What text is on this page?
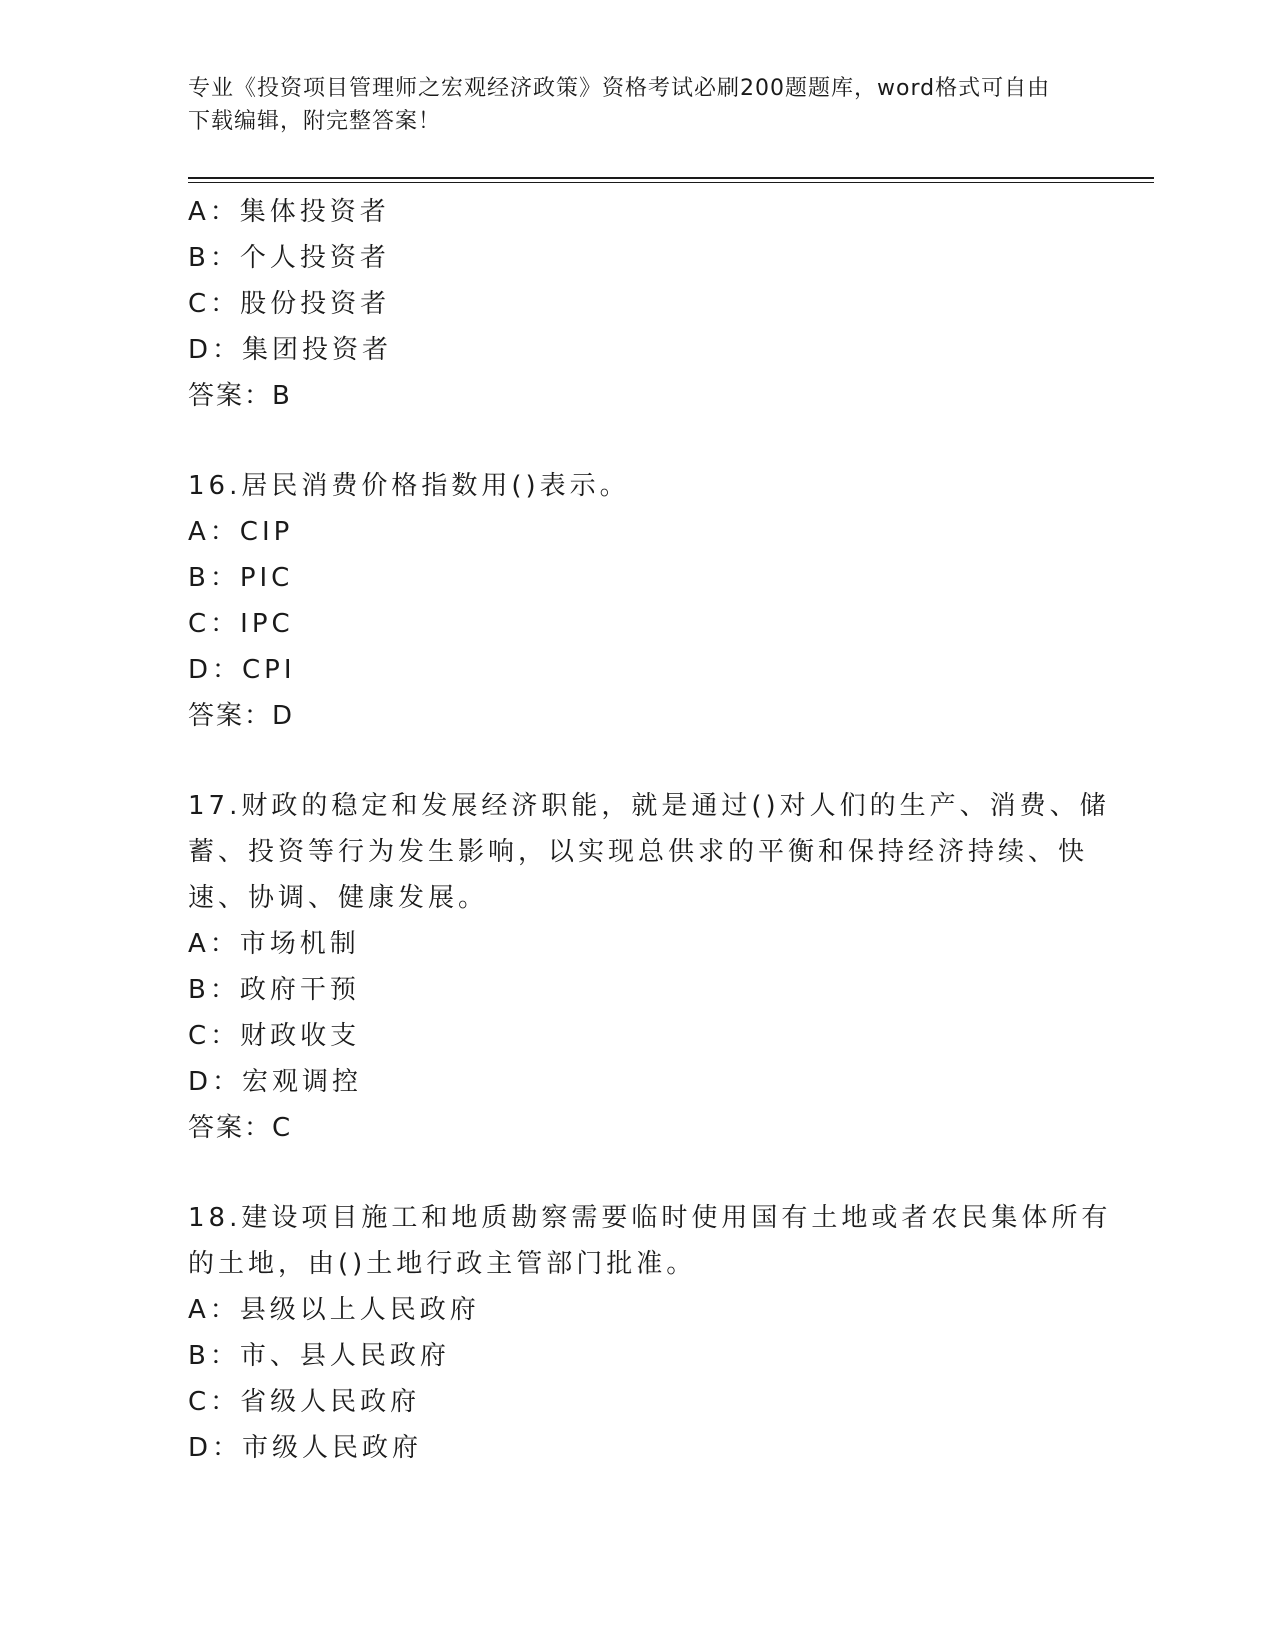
专业《投资项目管理师之宏观经济政策》资格考试必刷200题题库，word格式可自由下载编辑，附完整答案！
A：集体投资者
B：个人投资者
C：股份投资者
D：集团投资者
答案：B
16.居民消费价格指数用()表示。
A：CIP
B：PIC
C：IPC
D：CPI
答案：D
17.财政的稳定和发展经济职能，就是通过()对人们的生产、消费、储
蓄、投资等行为发生影响，以实现总供求的平衡和保持经济持续、快
速、协调、健康发展。
A：市场机制
B：政府干预
C：财政收支
D：宏观调控
答案：C
18.建设项目施工和地质勘察需要临时使用国有土地或者农民集体所有
的土地，由()土地行政主管部门批准。
A：县级以上人民政府
B：市、县人民政府
C：省级人民政府
D：市级人民政府
